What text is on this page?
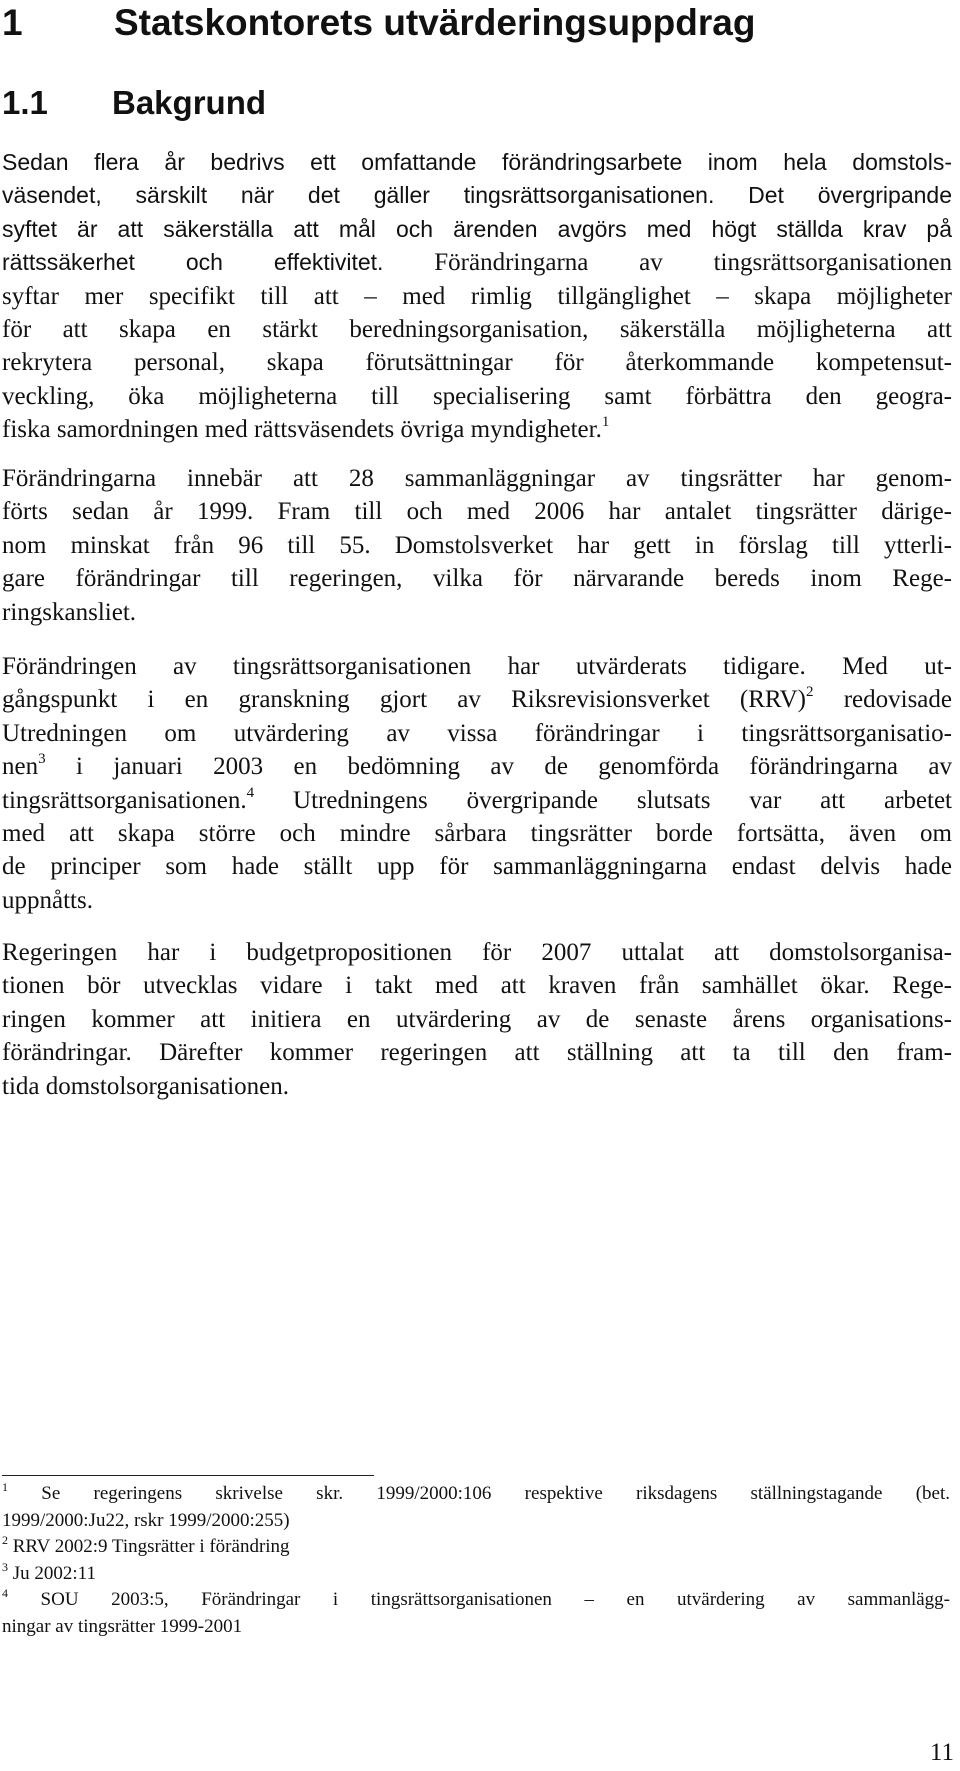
1 Statskontorets utvärderingsuppdrag
1.1 Bakgrund
Sedan flera år bedrivs ett omfattande förändringsarbete inom hela domstols-
väsendet, särskilt när det gäller tingsrättsorganisationen. Det övergripande
syftet är att säkerställa att mål och ärenden avgörs med högt ställda krav på
rättssäkerhet och effektivitet. Förändringarna av tingsrättsorganisationen
syftar mer specifikt till att – med rimlig tillgänglighet – skapa möjligheter
för att skapa en stärkt beredningsorganisation, säkerställa möjligheterna att
rekrytera personal, skapa förutsättningar för återkommande kompetensut-
veckling, öka möjligheterna till specialisering samt förbättra den geogra-
fiska samordningen med rättsväsendets övriga myndigheter.$^1$
Förändringarna innebär att 28 sammanläggningar av tingsrätter har genom-
förts sedan år 1999. Fram till och med 2006 har antalet tingsrätter därige-
nom minskat från 96 till 55. Domstolsverket har gett in förslag till ytterli-
gare förändringar till regeringen, vilka för närvarande bereds inom Rege-
ringskansliet.
Förändringen av tingsrättsorganisationen har utvärderats tidigare. Med ut-
gångspunkt i en granskning gjort av Riksrevisionsverket (RRV)$^2$ redovisade
Utredningen om utvärdering av vissa förändringar i tingsrättsorganisatio-
nen$^3$ i januari 2003 en bedömning av de genomförda förändringarna av
tingsrättsorganisationen.$^4$ Utredningens övergripande slutsats var att arbetet
med att skapa större och mindre sårbara tingsrätter borde fortsätta, även om
de principer som hade ställt upp för sammanläggningarna endast delvis hade
uppnåtts.
Regeringen har i budgetpropositionen för 2007 uttalat att domstolsorganisa-
tionen bör utvecklas vidare i takt med att kraven från samhället ökar. Rege-
ringen kommer att initiera en utvärdering av de senaste årens organisations-
förändringar. Därefter kommer regeringen att ställning att ta till den fram-
tida domstolsorganisationen.
$^1$ Se regeringens skrivelse skr. 1999/2000:106 respektive riksdagens ställningstagande (bet.
1999/2000:Ju22, rskr 1999/2000:255)
$^2$ RRV 2002:9 Tingsrätter i förändring
$^3$ Ju 2002:11
$^4$ SOU 2003:5, Förändringar i tingsrättsorganisationen – en utvärdering av sammanlägg-
ningar av tingsrätter 1999-2001
11
